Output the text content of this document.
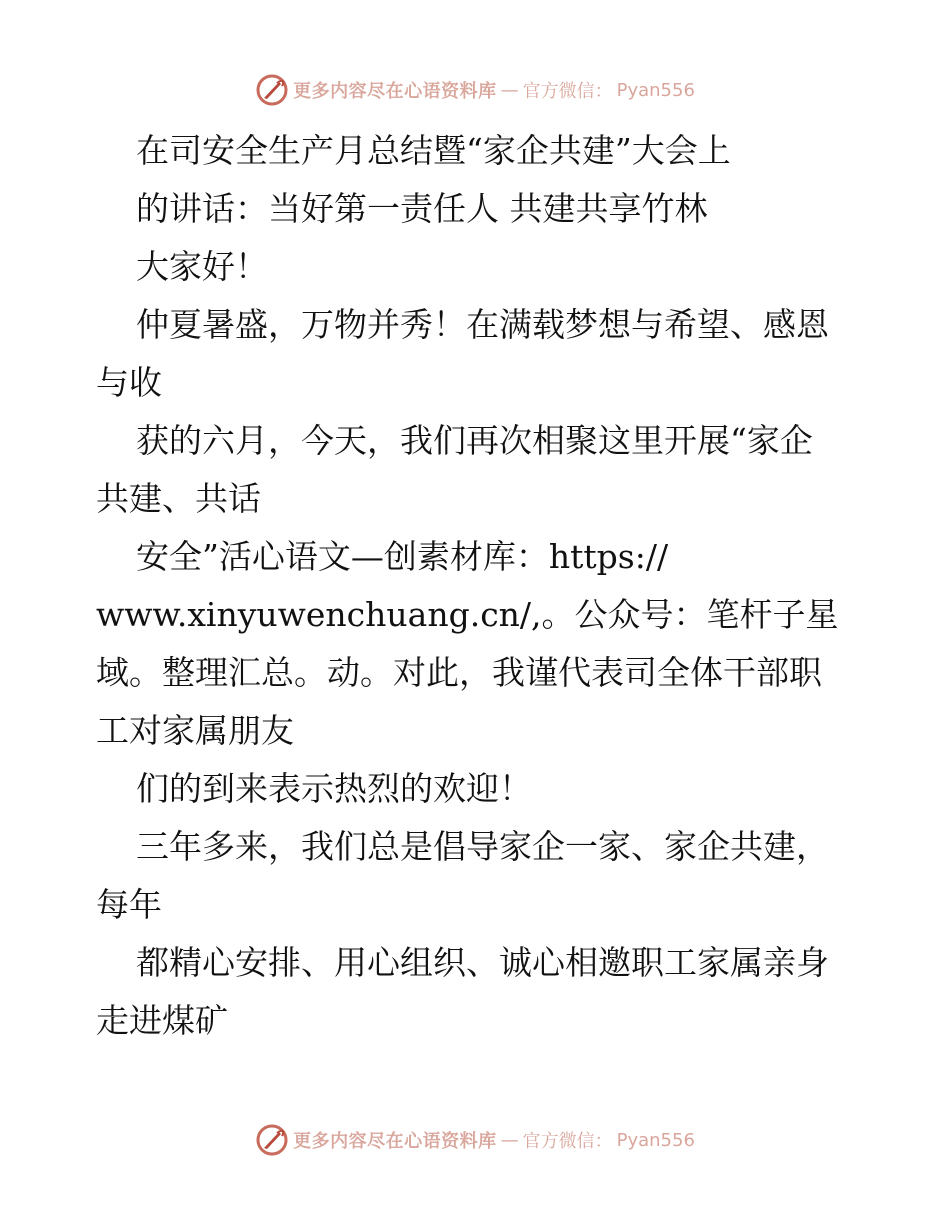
更多内容尽在心语资料库 — 官方微信： Pyan556
在司安全生产月总结暨“家企共建”大会上
的讲话：当好第一责任人 共建共享竹林
大家好！
仲夏暑盛，万物并秀！在满载梦想与希望、感恩
与收
获的六月，今天，我们再次相聚这里开展“家企
共建、共话
安全”活心语文—创素材库：https://
www.xinyuwenchuang.cn/,。公众号：笔杆子星
域。整理汇总。动。对此，我谨代表司全体干部职
工对家属朋友
们的到来表示热烈的欢迎！
三年多来，我们总是倡导家企一家、家企共建，
每年
都精心安排、用心组织、诚心相邀职工家属亲身
走进煤矿
更多内容尽在心语资料库 — 官方微信： Pyan556
